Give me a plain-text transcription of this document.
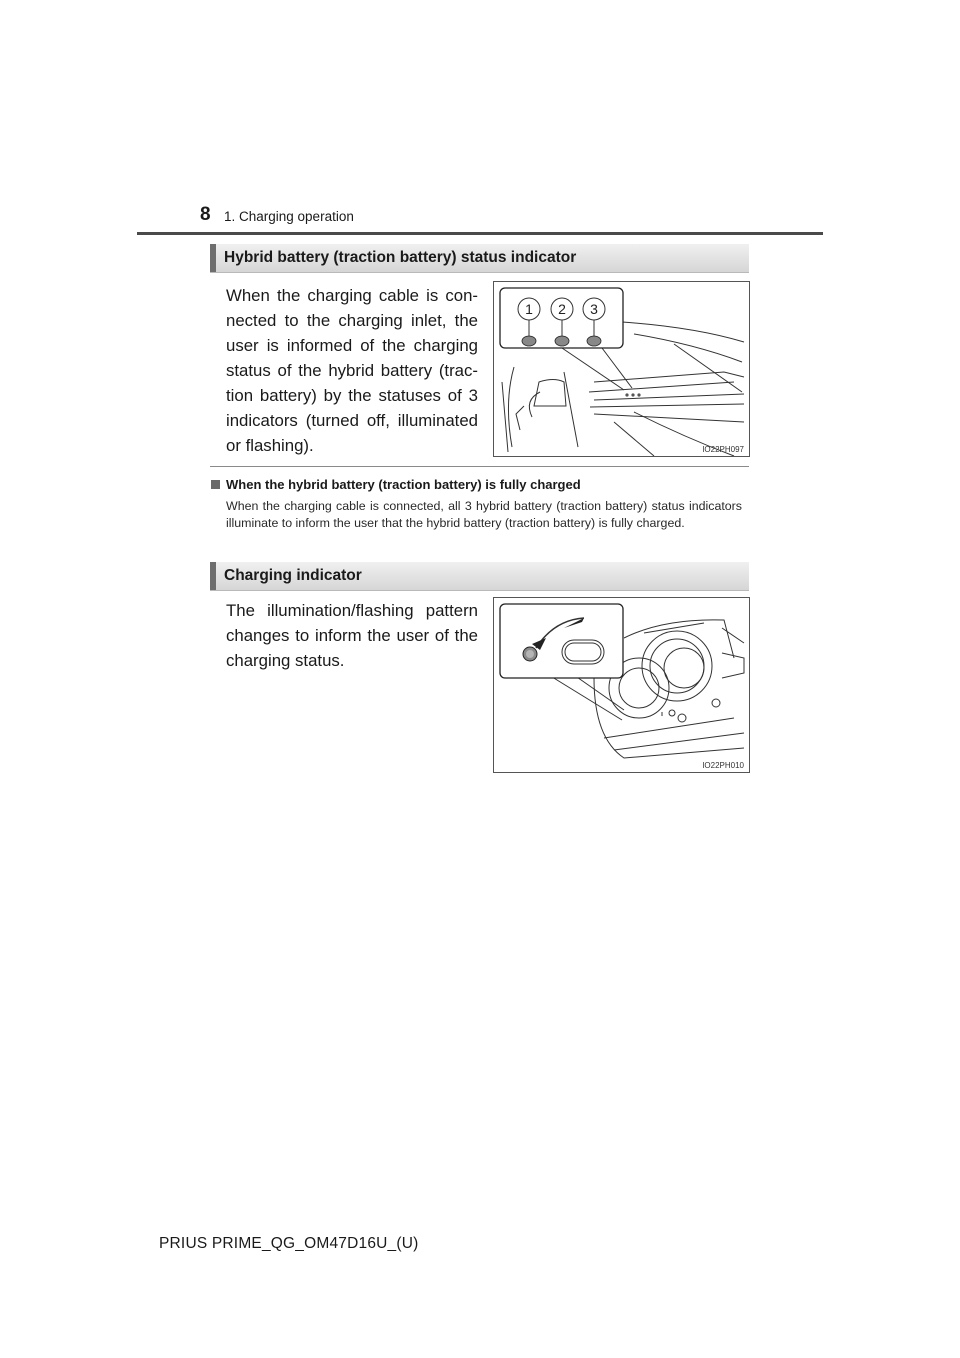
8 1. Charging operation
Hybrid battery (traction battery) status indicator
When the charging cable is con-nected to the charging inlet, the user is informed of the charging status of the hybrid battery (trac-tion battery) by the statuses of 3 indicators (turned off, illuminated or flashing).
1 2 3
IO22PH097
When the hybrid battery (traction battery) is fully charged
When the charging cable is connected, all 3 hybrid battery (traction battery) status indicators illuminate to inform the user that the hybrid battery (traction battery) is fully charged.
Charging indicator
The illumination/flashing pattern changes to inform the user of the charging status.
IO22PH010
PRIUS PRIME_QG_OM47D16U_(U)
